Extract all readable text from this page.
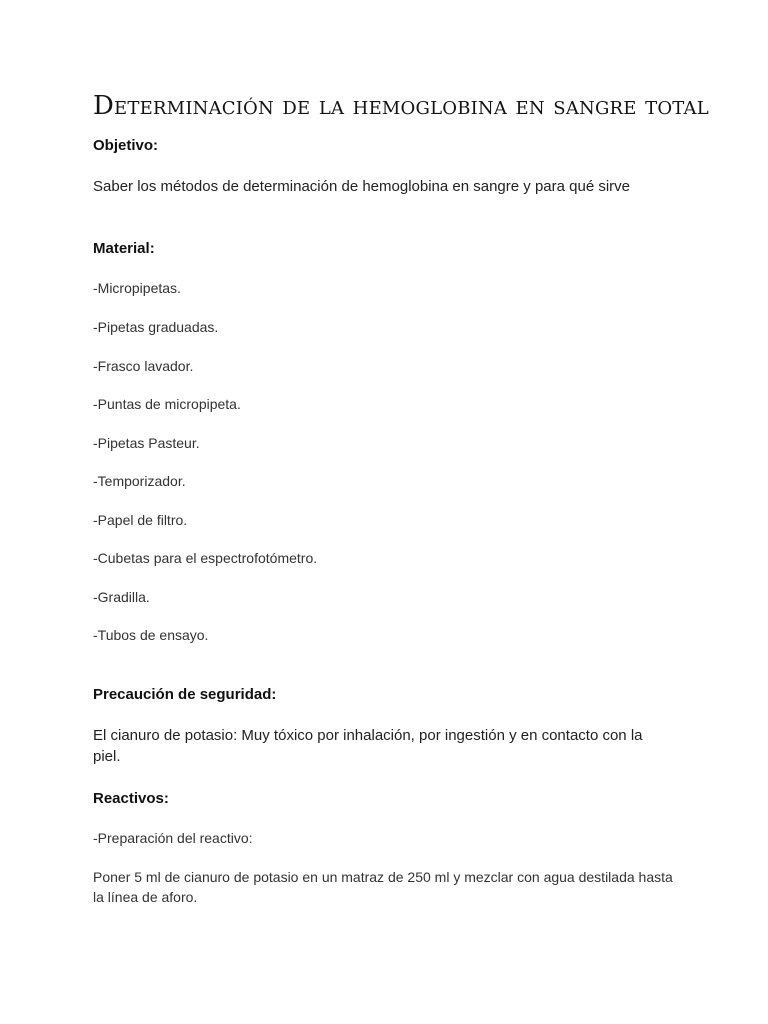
Determinación de la hemoglobina en sangre total
Objetivo:

Saber los métodos de determinación de hemoglobina en sangre y para qué sirve

Material:

-Micropipetas.

-Pipetas graduadas.

-Frasco lavador.

-Puntas de micropipeta.

-Pipetas Pasteur.

-Temporizador.

-Papel de filtro.

-Cubetas para el espectrofotómetro.

-Gradilla.

-Tubos de ensayo.

Precaución de seguridad:

El cianuro de potasio: Muy tóxico por inhalación, por ingestión y en contacto con la piel.

Reactivos:

-Preparación del reactivo:

Poner 5 ml de cianuro de potasio en un matraz de 250 ml y mezclar con agua destilada hasta la línea de aforo.
